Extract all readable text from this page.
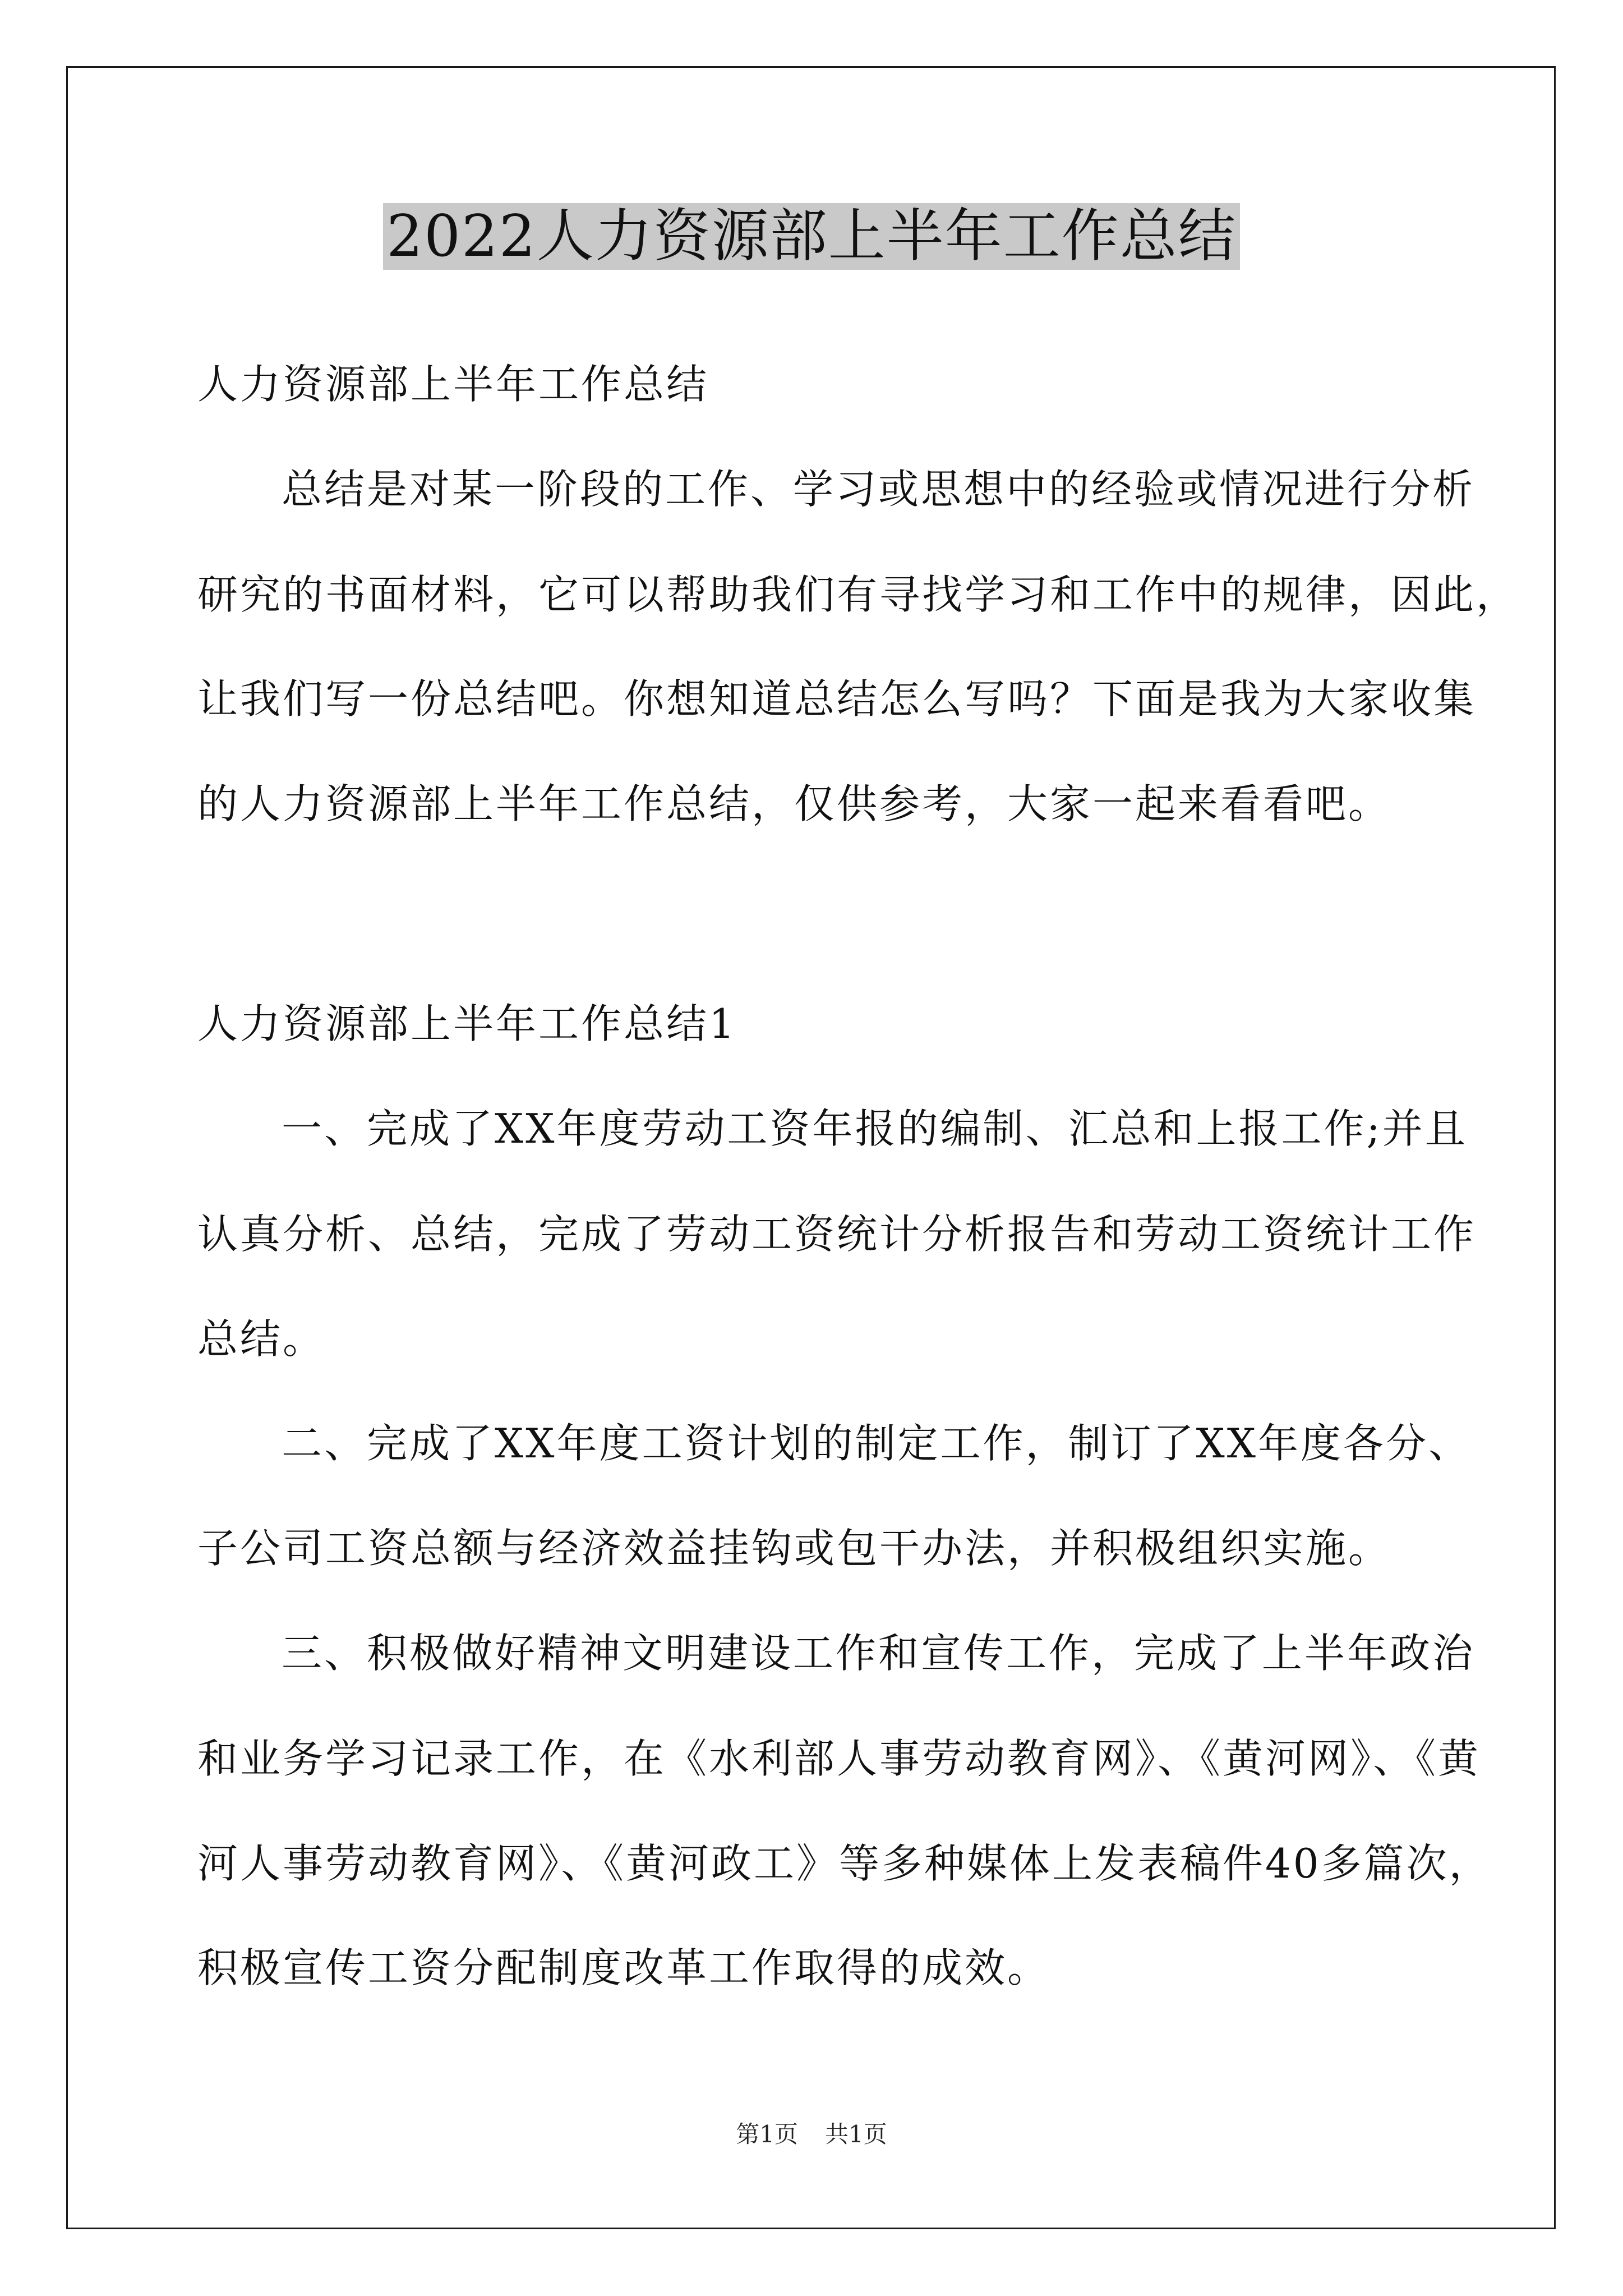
2022人力资源部上半年工作总结

人力资源部上半年工作总结

总结是对某一阶段的工作、学习或思想中的经验或情况进行分析

研究的书面材料，它可以帮助我们有寻找学习和工作中的规律，因此，

让我们写一份总结吧。你想知道总结怎么写吗？下面是我为大家收集

的人力资源部上半年工作总结，仅供参考，大家一起来看看吧。

人力资源部上半年工作总结1

一、完成了XX年度劳动工资年报的编制、汇总和上报工作;并且

认真分析、总结，完成了劳动工资统计分析报告和劳动工资统计工作

总结。

二、完成了XX年度工资计划的制定工作，制订了XX年度各分、

子公司工资总额与经济效益挂钩或包干办法，并积极组织实施。

三、积极做好精神文明建设工作和宣传工作，完成了上半年政治

和业务学习记录工作，在《水利部人事劳动教育网》、《黄河网》、《黄

河人事劳动教育网》、《黄河政工》等多种媒体上发表稿件40多篇次，

积极宣传工资分配制度改革工作取得的成效。

第1页 共1页
